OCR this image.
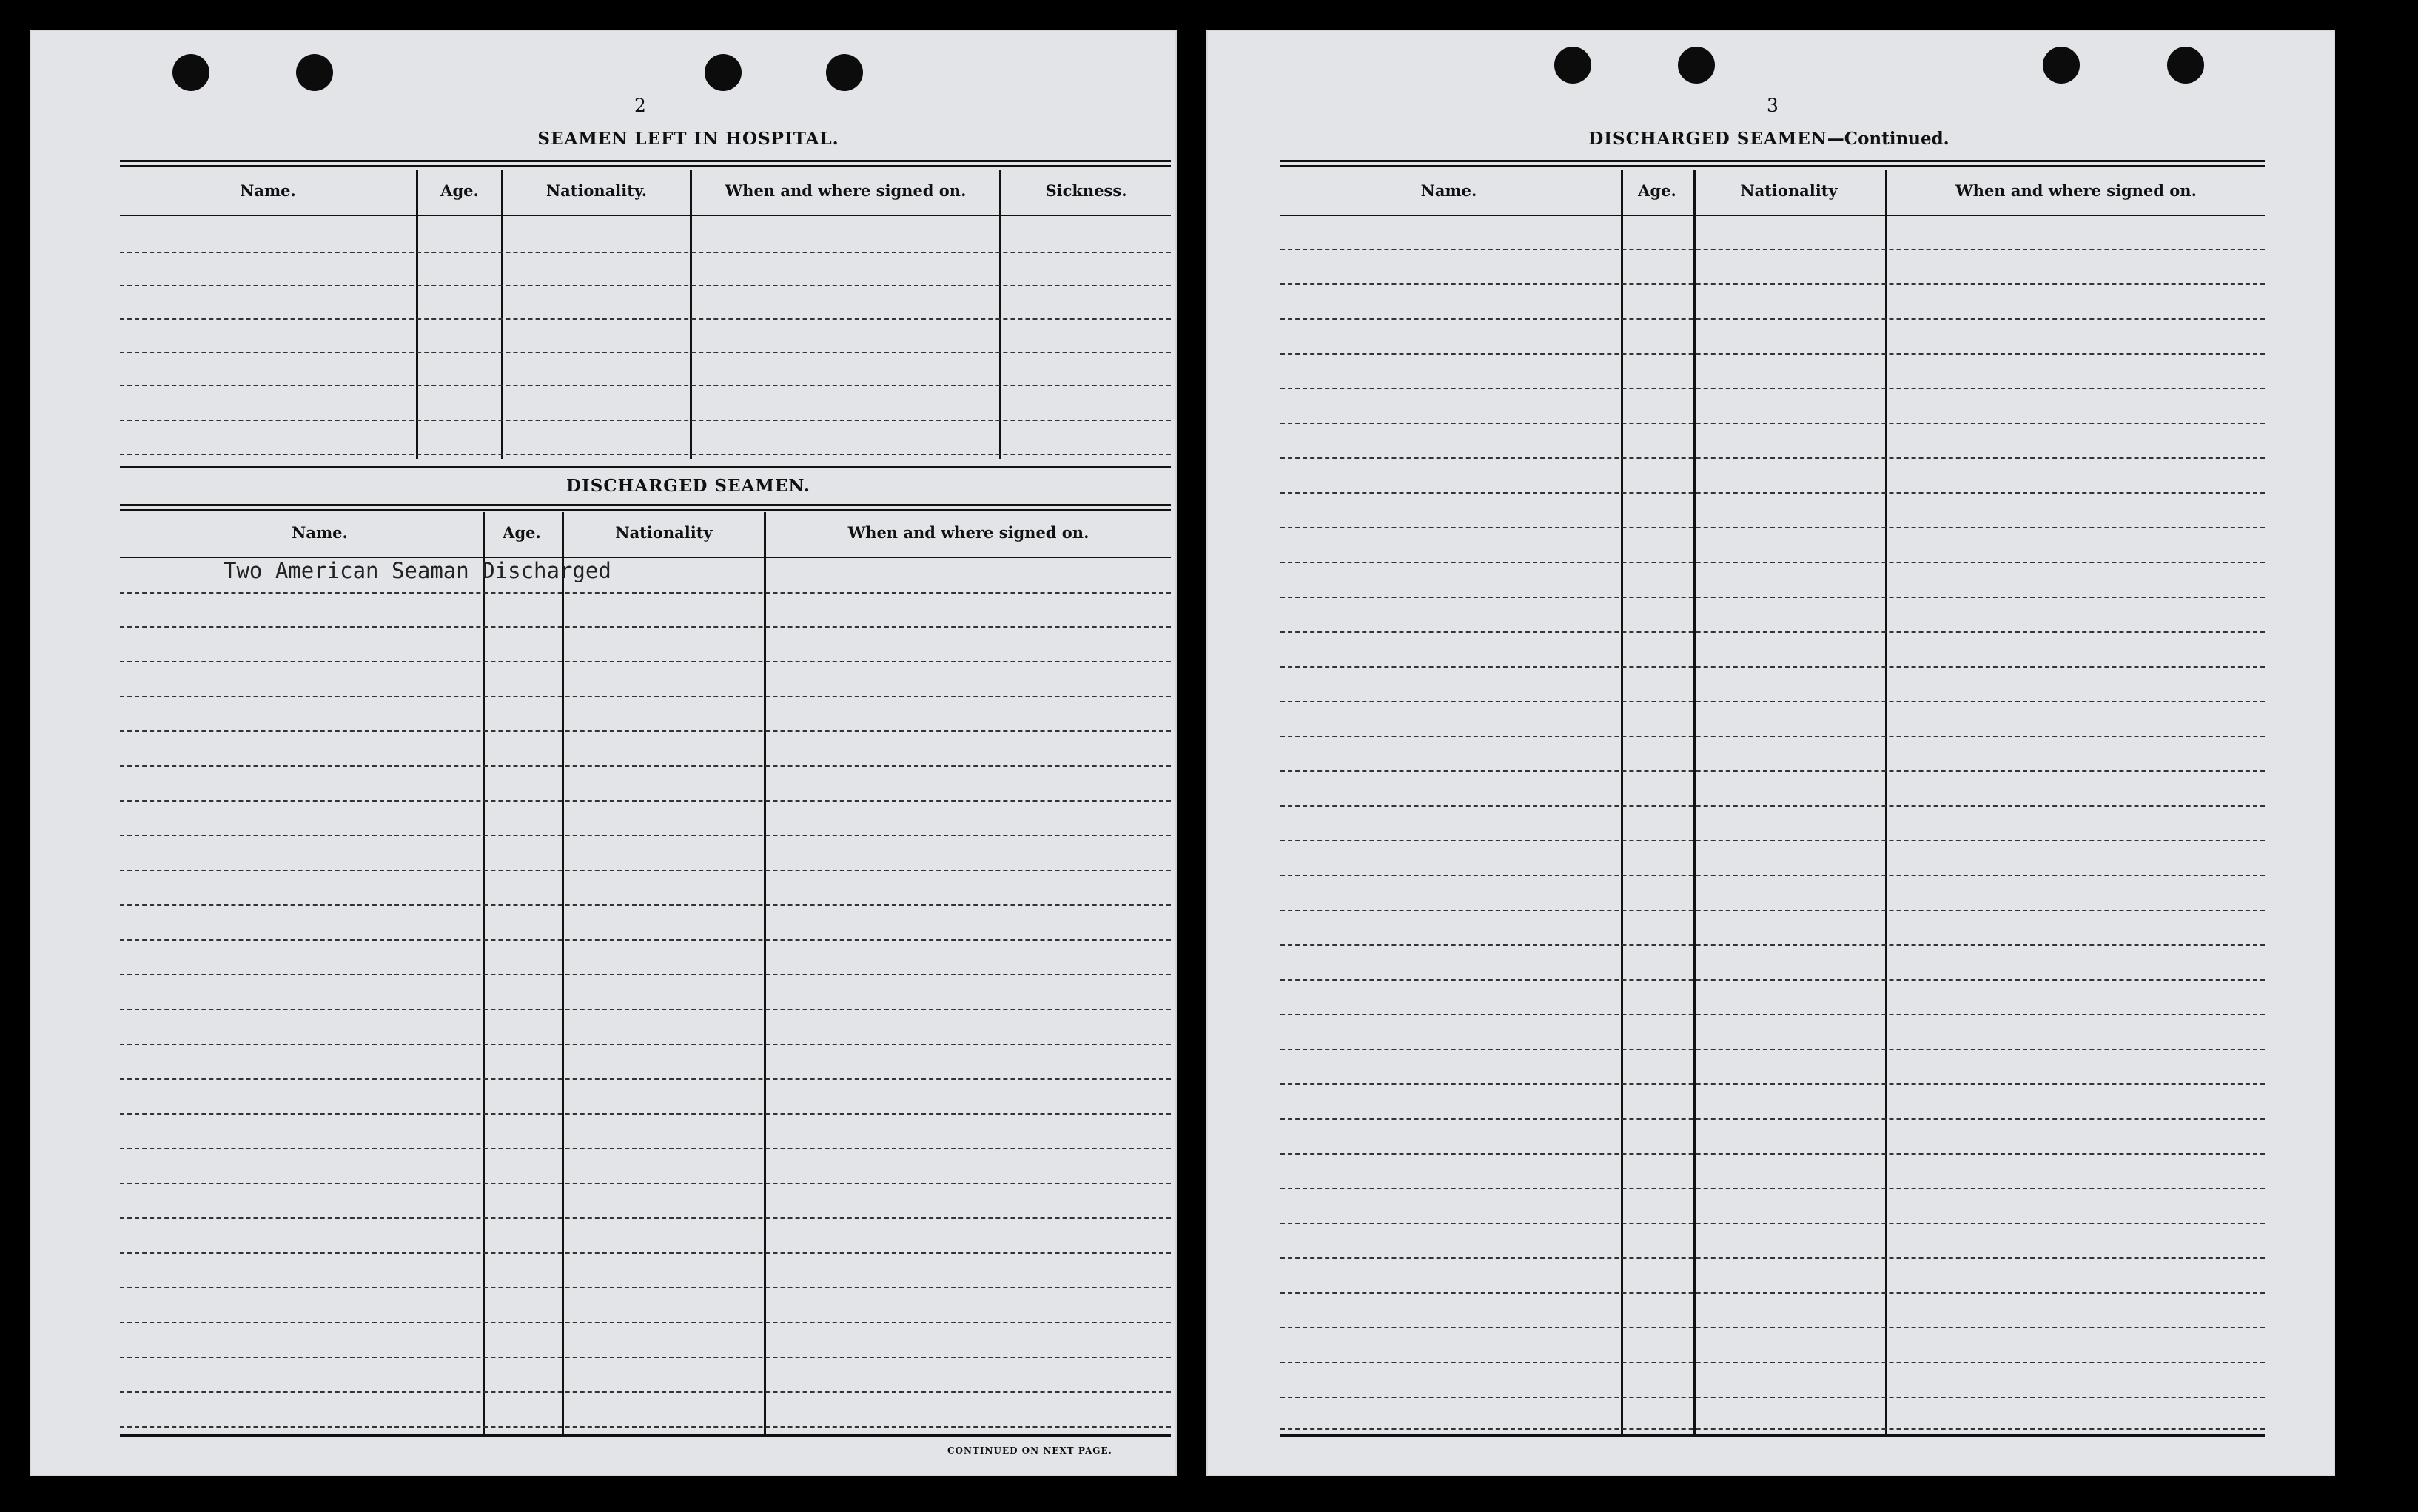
2
SEAMEN LEFT IN HOSPITAL.
Name.	Age.	Nationality.	When and where signed on.	Sickness.
DISCHARGED SEAMEN.
Name.	Age.	Nationality	When and where signed on.
Two American Seaman Discharged
CONTINUED ON NEXT PAGE.
3
DISCHARGED SEAMEN—Continued.
Name.	Age.	Nationality	When and where signed on.
